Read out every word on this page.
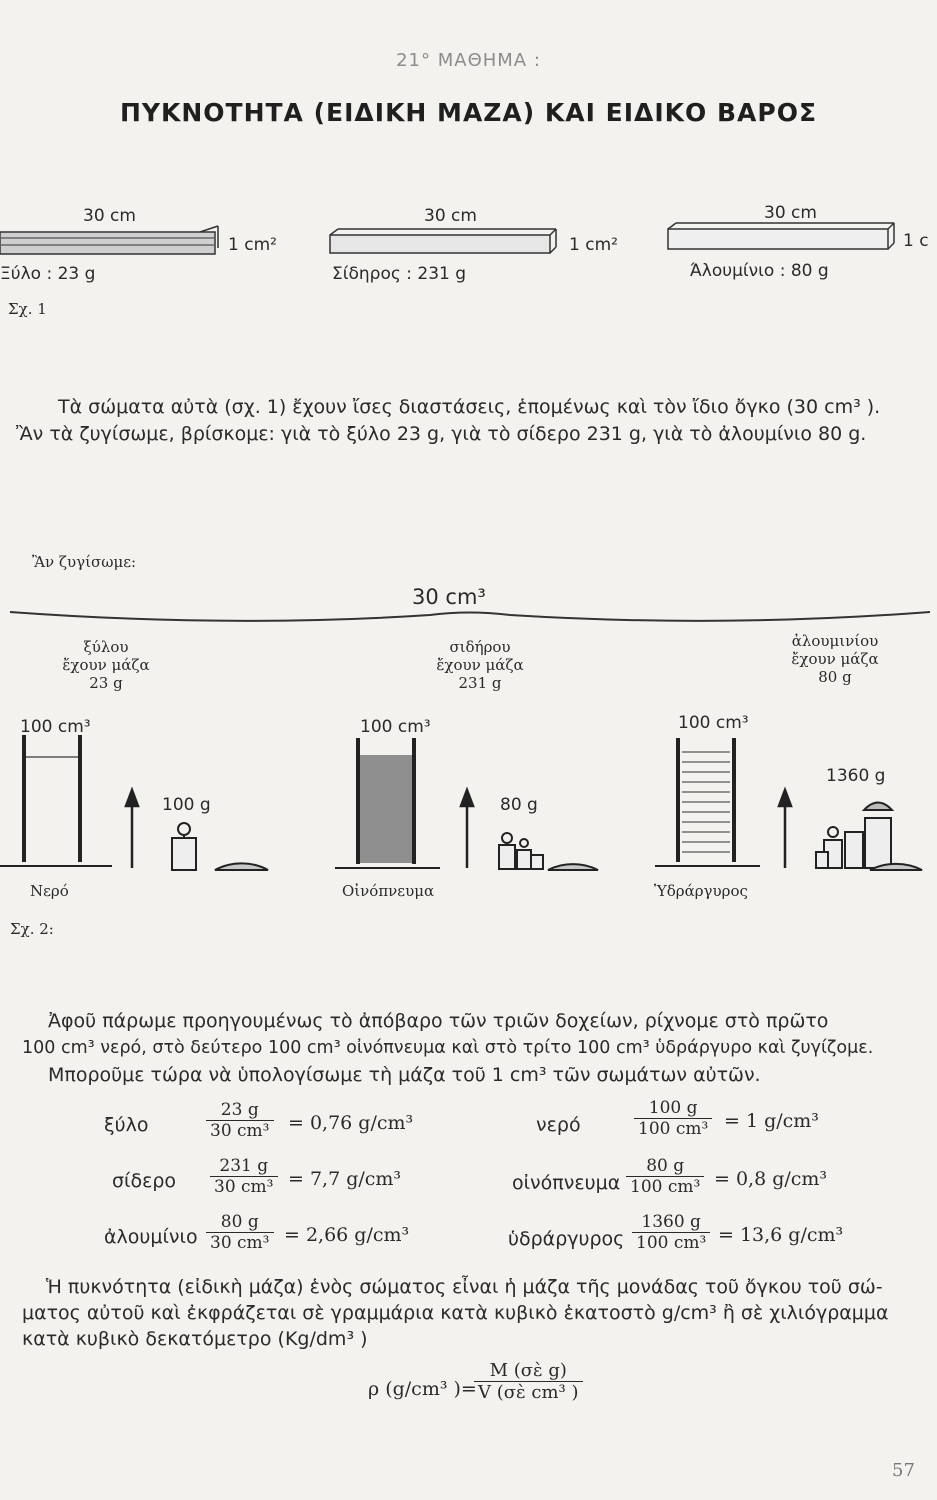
21° ΜΑΘΗΜΑ :
ΠΥΚΝΟΤΗΤΑ (ΕΙΔΙΚΗ ΜΑΖΑ) ΚΑΙ ΕΙΔΙΚΟ ΒΑΡΟΣ
30 cm
1 cm²
Ξύλο : 23 g
30 cm
1 cm²
Σίδηρος : 231 g
30 cm
1 c
Άλουμίνιο : 80 g
Σχ. 1
Τὰ σώματα αὐτὰ (σχ. 1) ἔχουν ἴσες διαστάσεις, ἑπομένως καὶ τὸν ἴδιο ὄγκο (30 cm³ ).
Ἂν τὰ ζυγίσωμε, βρίσκομε: γιὰ τὸ ξύλο 23 g, γιὰ τὸ σίδερο 231 g, γιὰ τὸ ἀλουμίνιο 80 g.
Ἂν ζυγίσωμε:
30 cm³
ξύλου
ἔχουν μάζα
23 g
σιδήρου
ἔχουν μάζα
231 g
ἀλουμινίου
ἔχουν μάζα
80 g
100 cm³
100 g
Νερό
100 cm³
80 g
Οἰνόπνευμα
100 cm³
1360 g
Ὑδράργυρος
Σχ. 2:
Ἀφοῦ πάρωμε προηγουμένως τὸ ἀπόβαρο τῶν τριῶν δοχείων, ρίχνομε στὸ πρῶτο
100 cm³ νερό, στὸ δεύτερο 100 cm³ οἰνόπνευμα καὶ στὸ τρίτο 100 cm³ ὑδράργυρο καὶ ζυγίζομε.
Μποροῦμε τώρα νὰ ὑπολογίσωμε τὴ μάζα τοῦ 1 cm³ τῶν σωμάτων αὐτῶν.
ξύλο	$\frac{23 g}{\text{30 cm³}} = 0,76$ g/cm³
σίδερο $\frac{231 g}{\text{30 cm³}} = 7,7$ g/cm³
ἀλουμίνιο $\frac{80 g}{\text{30 cm³}} = 2,66$ g/cm³
νερό	$\frac{100 g}{\text{100 cm³}} = 1$ g/cm³
οἰνόπνευμα $\frac{80 g}{\text{100 cm³}} = 0,8$ g/cm³
ὑδράργυρος $\frac{1360 g}{\text{100 cm³}} = 13,6$ g/cm³
Ἡ πυκνότητα (εἰδικὴ μάζα) ἑνὸς σώματος εἶναι ἡ μάζα τῆς μονάδας τοῦ ὄγκου τοῦ σώ-
ματος αὐτοῦ καὶ ἐκφράζεται σὲ γραμμάρια κατὰ κυβικὸ ἑκατοστὸ g/cm³ ἢ σὲ χιλιόγραμμα
κατὰ κυβικὸ δεκατόμετρο (Kg/dm³ )
ρ (g/cm³ )=
$\frac{\text{M (σὲ g)}}{\text{V (σὲ cm³ )}}$
57
